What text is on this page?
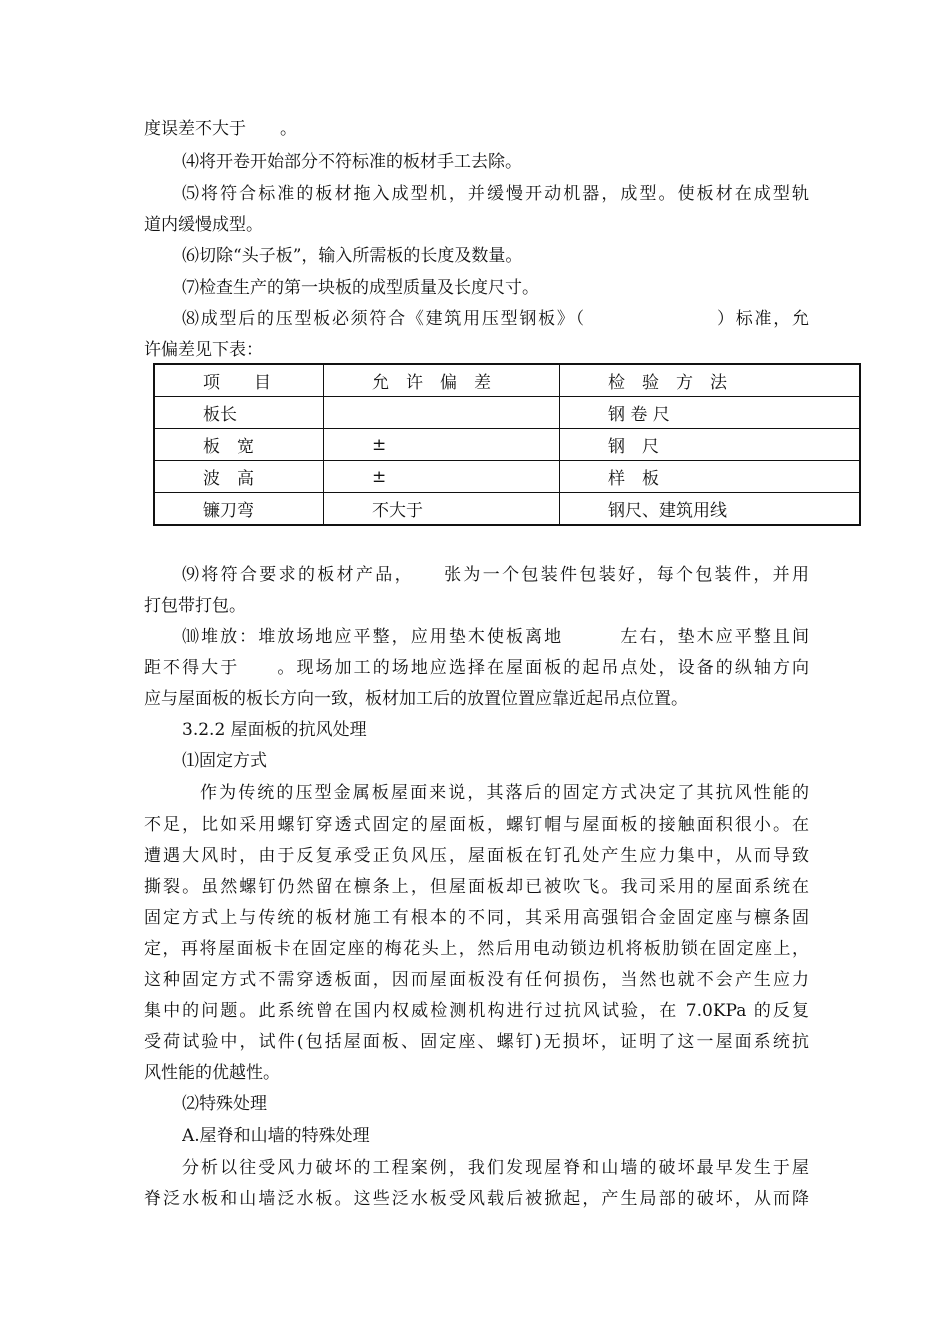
度误差不大于　　。
⑷将开卷开始部分不符标准的板材手工去除。
⑸将符合标准的板材拖入成型机，并缓慢开动机器，成型。使板材在成型轨
道内缓慢成型。
⑹切除“头子板”，输入所需板的长度及数量。
⑺检查生产的第一块板的成型质量及长度尺寸。
⑻成型后的压型板必须符合《建筑用压型钢板》（　　　　　　　）标准，允
许偏差见下表：
项　　目	允　许　偏　差	检　验　方　法
板长		钢 卷 尺
板　宽	±	钢　尺
波　高	±	样　板
镰刀弯	不大于	钢尺、建筑用线
⑼将符合要求的板材产品，　　张为一个包装件包装好，每个包装件，并用
打包带打包。
⑽堆放：堆放场地应平整，应用垫木使板离地　　　左右，垫木应平整且间
距不得大于　　。现场加工的场地应选择在屋面板的起吊点处，设备的纵轴方向
应与屋面板的板长方向一致，板材加工后的放置位置应靠近起吊点位置。
3.2.2 屋面板的抗风处理
⑴固定方式
作为传统的压型金属板屋面来说，其落后的固定方式决定了其抗风性能的
不足，比如采用螺钉穿透式固定的屋面板，螺钉帽与屋面板的接触面积很小。在
遭遇大风时，由于反复承受正负风压，屋面板在钉孔处产生应力集中，从而导致
撕裂。虽然螺钉仍然留在檩条上，但屋面板却已被吹飞。我司采用的屋面系统在
固定方式上与传统的板材施工有根本的不同，其采用高强铝合金固定座与檩条固
定，再将屋面板卡在固定座的梅花头上，然后用电动锁边机将板肋锁在固定座上，
这种固定方式不需穿透板面，因而屋面板没有任何损伤，当然也就不会产生应力
集中的问题。此系统曾在国内权威检测机构进行过抗风试验，在 7.0KPa 的反复
受荷试验中，试件(包括屋面板、固定座、螺钉)无损坏，证明了这一屋面系统抗
风性能的优越性。
⑵特殊处理
A.屋脊和山墙的特殊处理
分析以往受风力破坏的工程案例，我们发现屋脊和山墙的破坏最早发生于屋
脊泛水板和山墙泛水板。这些泛水板受风载后被掀起，产生局部的破坏，从而降
